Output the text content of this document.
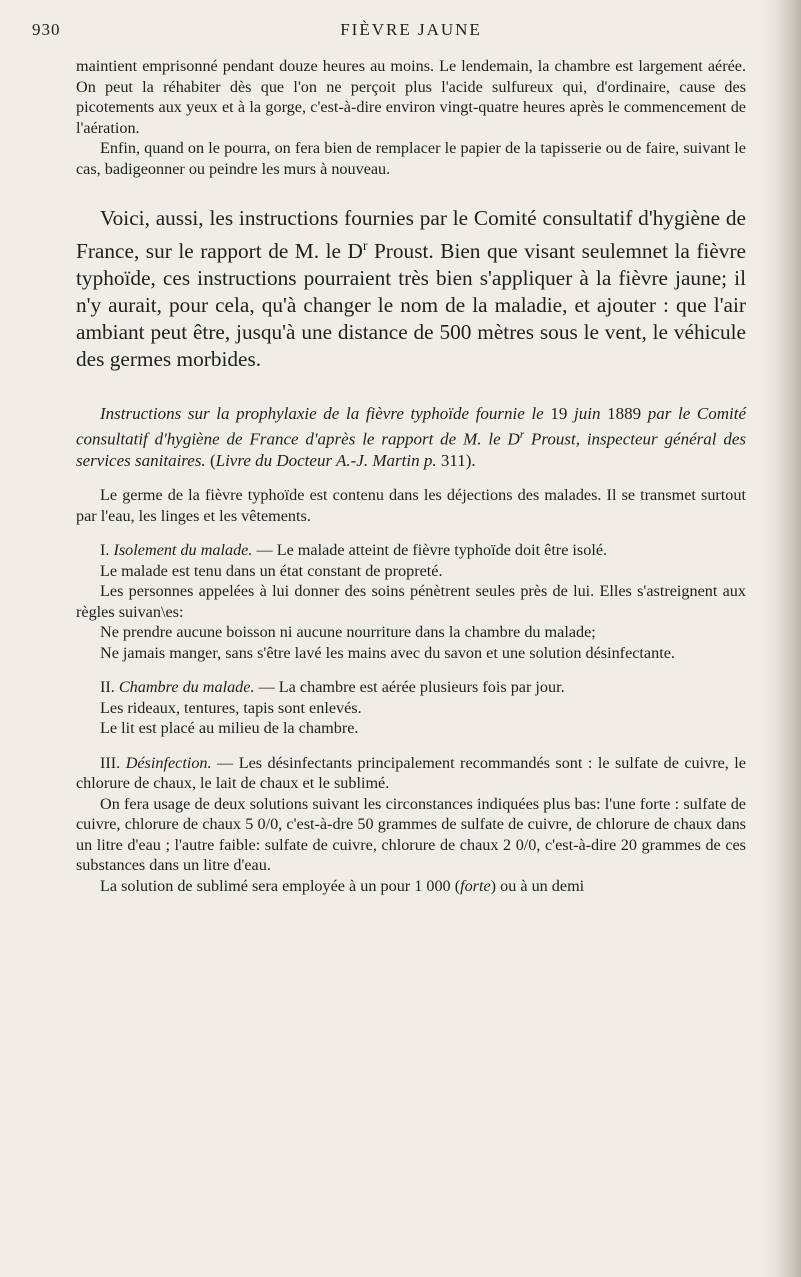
930	FIÈVRE JAUNE

maintient emprisonné pendant douze heures au moins. Le lendemain, la chambre est largement aérée. On peut la réhabiter dès que l'on ne perçoit plus l'acide sulfureux qui, d'ordinaire, cause des picotements aux yeux et à la gorge, c'est-à-dire environ vingt-quatre heures après le commencement de l'aération.

Enfin, quand on le pourra, on fera bien de remplacer le papier de la tapisserie ou de faire, suivant le cas, badigeonner ou peindre les murs à nouveau.

Voici, aussi, les instructions fournies par le Comité consultatif d'hygiène de France, sur le rapport de M. le $D^r$ Proust. Bien que visant seulemnet la fièvre typhoïde, ces instructions pourraient très bien s'appliquer à la fièvre jaune; il n'y aurait, pour cela, qu'à changer le nom de la maladie, et ajouter : que l'air ambiant peut être, jusqu'à une distance de 500 mètres sous le vent, le véhicule des germes morbides.

Instructions sur la prophylaxie de la fièvre typhoïde fournie le 19 juin 1889 par le Comité consultatif d'hygiène de France d'après le rapport de M. le $D^r$ Proust, inspecteur général des services sanitaires. (Livre du Docteur A.-J. Martin p. 311).

Le germe de la fièvre typhoïde est contenu dans les déjections des malades. Il se transmet surtout par l'eau, les linges et les vêtements.

I. Isolement du malade. — Le malade atteint de fièvre typhoïde doit être isolé.

Le malade est tenu dans un état constant de propreté.

Les personnes appelées à lui donner des soins pénètrent seules près de lui. Elles s'astreignent aux règles suivan\es:

Ne prendre aucune boisson ni aucune nourriture dans la chambre du malade;

Ne jamais manger, sans s'être lavé les mains avec du savon et une solution désinfectante.

II. Chambre du malade. — La chambre est aérée plusieurs fois par jour.

Les rideaux, tentures, tapis sont enlevés.

Le lit est placé au milieu de la chambre.

III. Désinfection. — Les désinfectants principalement recommandés sont : le sulfate de cuivre, le chlorure de chaux, le lait de chaux et le sublimé.

On fera usage de deux solutions suivant les circonstances indiquées plus bas: l'une forte : sulfate de cuivre, chlorure de chaux 5 0/0, c'est-à-dre 50 grammes de sulfate de cuivre, de chlorure de chaux dans un litre d'eau ; l'autre faible: sulfate de cuivre, chlorure de chaux 2 0/0, c'est-à-dire 20 grammes de ces substances dans un litre d'eau.

La solution de sublimé sera employée à un pour 1 000 (forte) ou à un demi
